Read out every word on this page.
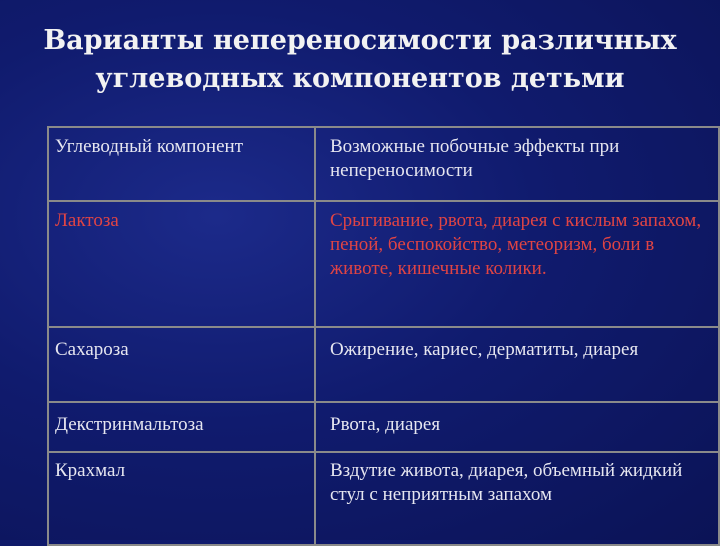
Варианты непереносимости различных
углеводных компонентов детьми
Углеводный компонент	Возможные побочные эффекты при непереносимости
Лактоза	Срыгивание, рвота, диарея с кислым запахом, пеной, беспокойство, метеоризм, боли в животе, кишечные колики.
Сахароза	Ожирение, кариес, дерматиты, диарея
Декстринмальтоза	Рвота, диарея
Крахмал	Вздутие живота, диарея, объемный жидкий стул с неприятным запахом
